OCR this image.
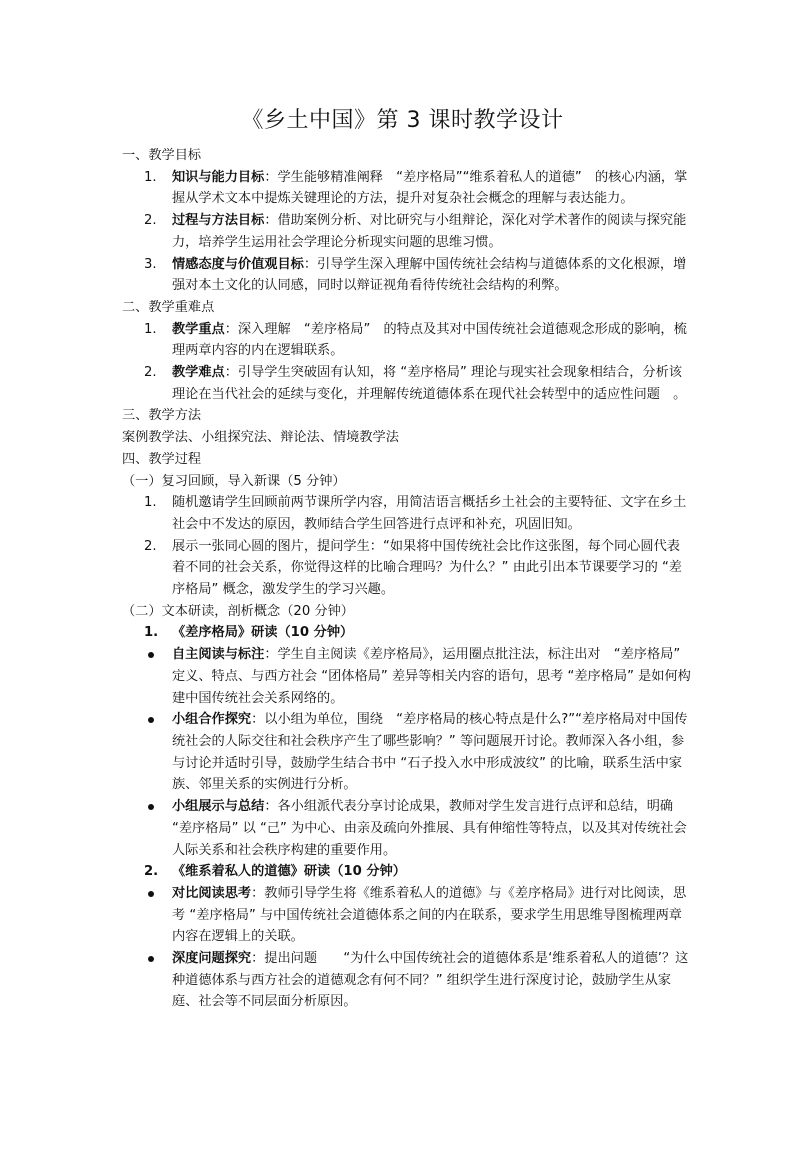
《乡土中国》第 3 课时教学设计
一、教学目标
1. 知识与能力目标：学生能够精准阐释　“差序格局”“维系着私人的道德”　的核心内涵，掌握从学术文本中提炼关键理论的方法，提升对复杂社会概念的理解与表达能力。
2. 过程与方法目标：借助案例分析、对比研究与小组辩论，深化对学术著作的阅读与探究能力，培养学生运用社会学理论分析现实问题的思维习惯。
3. 情感态度与价值观目标：引导学生深入理解中国传统社会结构与道德体系的文化根源，增强对本土文化的认同感，同时以辩证视角看待传统社会结构的利弊。
二、教学重难点
1. 教学重点：深入理解　“差序格局”　的特点及其对中国传统社会道德观念形成的影响，梳理两章内容的内在逻辑联系。
2. 教学难点：引导学生突破固有认知，将 “差序格局” 理论与现实社会现象相结合，分析该理论在当代社会的延续与变化，并理解传统道德体系在现代社会转型中的适应性问题　。
三、教学方法
案例教学法、小组探究法、辩论法、情境教学法
四、教学过程
（一）复习回顾，导入新课（5 分钟）
1. 随机邀请学生回顾前两节课所学内容，用简洁语言概括乡土社会的主要特征、文字在乡土社会中不发达的原因，教师结合学生回答进行点评和补充，巩固旧知。
2. 展示一张同心圆的图片，提问学生：“如果将中国传统社会比作这张图，每个同心圆代表着不同的社会关系，你觉得这样的比喻合理吗？为什么？” 由此引出本节课要学习的 “差序格局” 概念，激发学生的学习兴趣。
（二）文本研读，剖析概念（20 分钟）
1. 《差序格局》研读（10 分钟）
自主阅读与标注：学生自主阅读《差序格局》，运用圈点批注法，标注出对　“差序格局” 定义、特点、与西方社会 “团体格局” 差异等相关内容的语句，思考 “差序格局” 是如何构建中国传统社会关系网络的。
小组合作探究：以小组为单位，围绕　“差序格局的核心特点是什么?”“差序格局对中国传统社会的人际交往和社会秩序产生了哪些影响？” 等问题展开讨论。教师深入各小组，参与讨论并适时引导，鼓励学生结合书中 “石子投入水中形成波纹” 的比喻，联系生活中家族、邻里关系的实例进行分析。
小组展示与总结：各小组派代表分享讨论成果，教师对学生发言进行点评和总结，明确 “差序格局” 以 “己” 为中心、由亲及疏向外推展、具有伸缩性等特点，以及其对传统社会人际关系和社会秩序构建的重要作用。
2. 《维系着私人的道德》研读（10 分钟）
对比阅读思考：教师引导学生将《维系着私人的道德》与《差序格局》进行对比阅读，思考 “差序格局” 与中国传统社会道德体系之间的内在联系，要求学生用思维导图梳理两章内容在逻辑上的关联。
深度问题探究：提出问题　　“为什么中国传统社会的道德体系是‘维系着私人的道德’？这种道德体系与西方社会的道德观念有何不同？” 组织学生进行深度讨论，鼓励学生从家庭、社会等不同层面分析原因。
